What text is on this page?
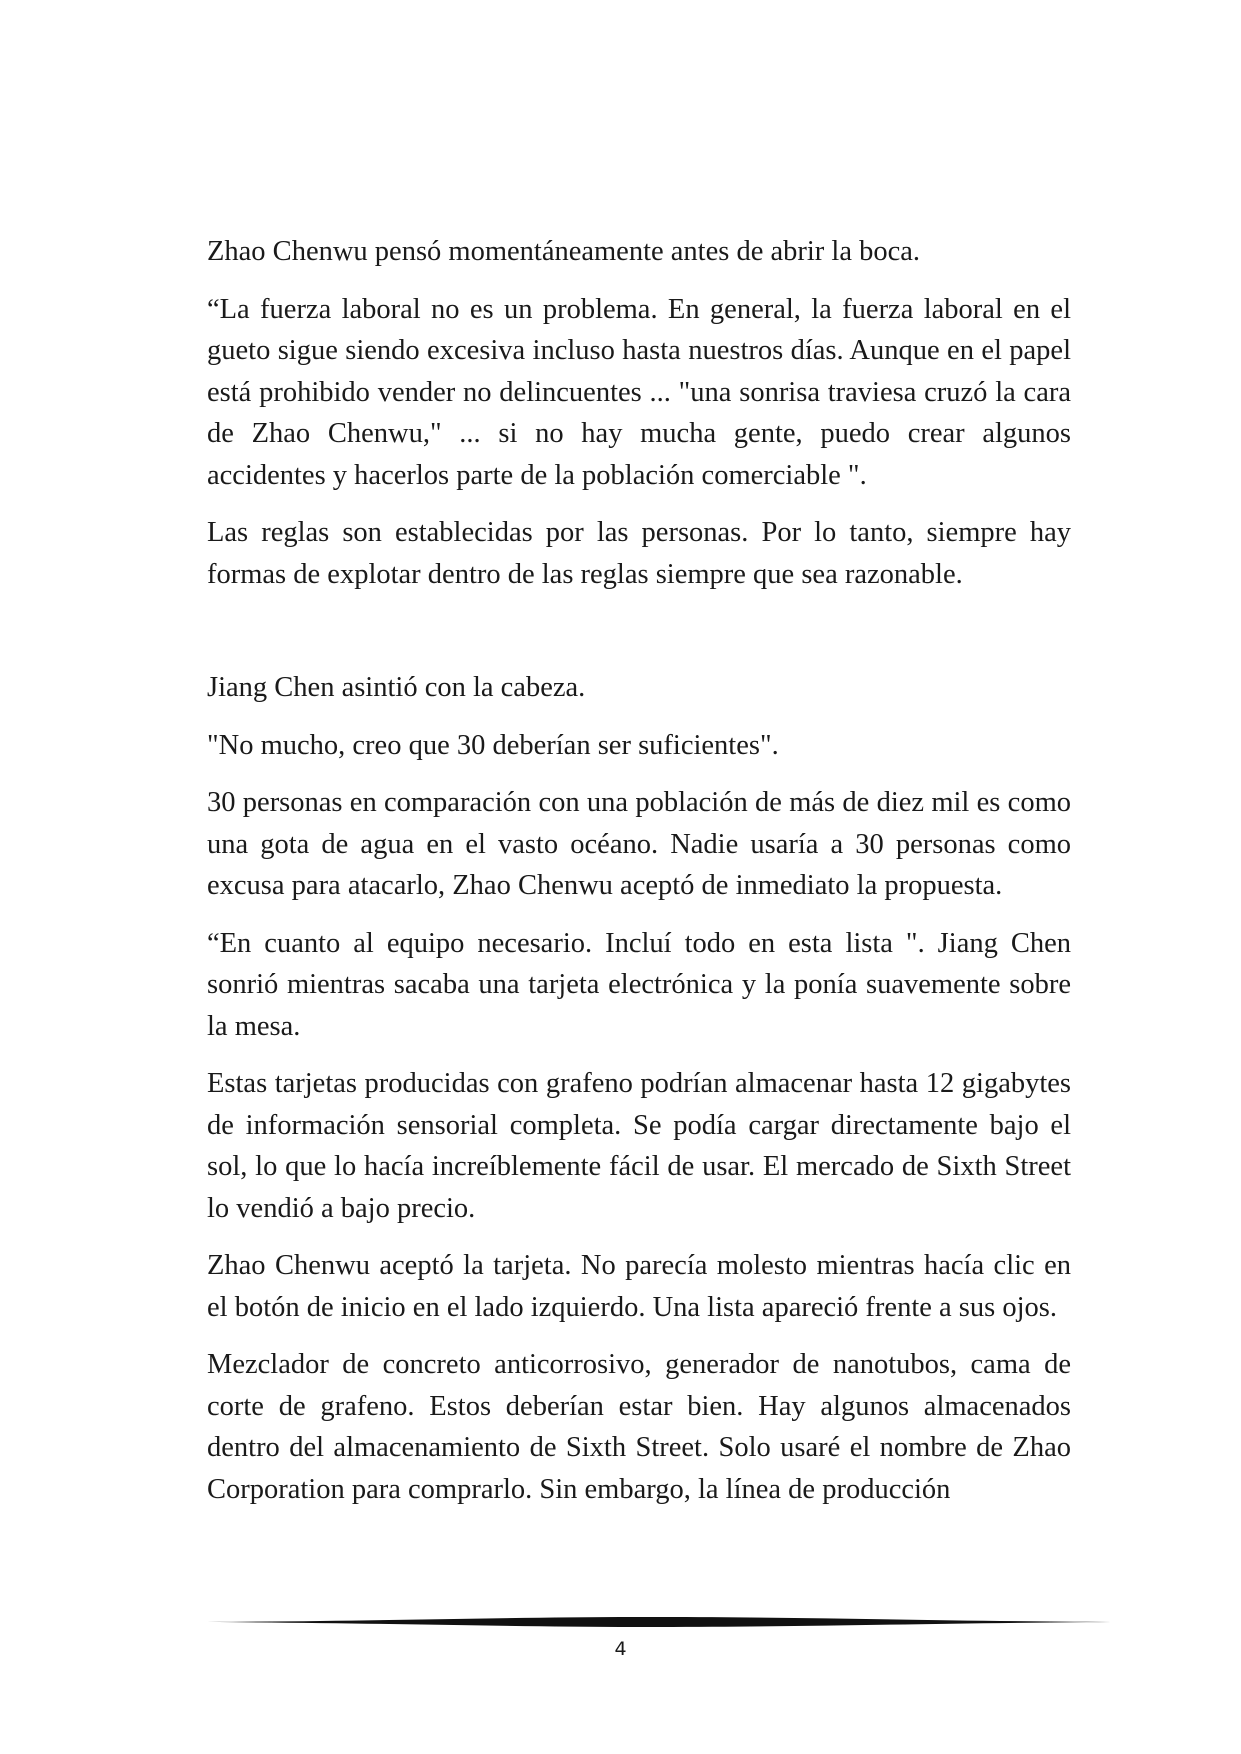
Zhao Chenwu pensó momentáneamente antes de abrir la boca.

“La fuerza laboral no es un problema. En general, la fuerza laboral en el gueto sigue siendo excesiva incluso hasta nuestros días. Aunque en el papel está prohibido vender no delincuentes ... "una sonrisa traviesa cruzó la cara de Zhao Chenwu," ... si no hay mucha gente, puedo crear algunos accidentes y hacerlos parte de la población comerciable ".

Las reglas son establecidas por las personas. Por lo tanto, siempre hay formas de explotar dentro de las reglas siempre que sea razonable.

Jiang Chen asintió con la cabeza.

"No mucho, creo que 30 deberían ser suficientes".

30 personas en comparación con una población de más de diez mil es como una gota de agua en el vasto océano. Nadie usaría a 30 personas como excusa para atacarlo, Zhao Chenwu aceptó de inmediato la propuesta.

“En cuanto al equipo necesario. Incluí todo en esta lista ". Jiang Chen sonrió mientras sacaba una tarjeta electrónica y la ponía suavemente sobre la mesa.

Estas tarjetas producidas con grafeno podrían almacenar hasta 12 gigabytes de información sensorial completa. Se podía cargar directamente bajo el sol, lo que lo hacía increíblemente fácil de usar. El mercado de Sixth Street lo vendió a bajo precio.

Zhao Chenwu aceptó la tarjeta. No parecía molesto mientras hacía clic en el botón de inicio en el lado izquierdo. Una lista apareció frente a sus ojos.

Mezclador de concreto anticorrosivo, generador de nanotubos, cama de corte de grafeno. Estos deberían estar bien. Hay algunos almacenados dentro del almacenamiento de Sixth Street. Solo usaré el nombre de Zhao Corporation para comprarlo. Sin embargo, la línea de producción

4
